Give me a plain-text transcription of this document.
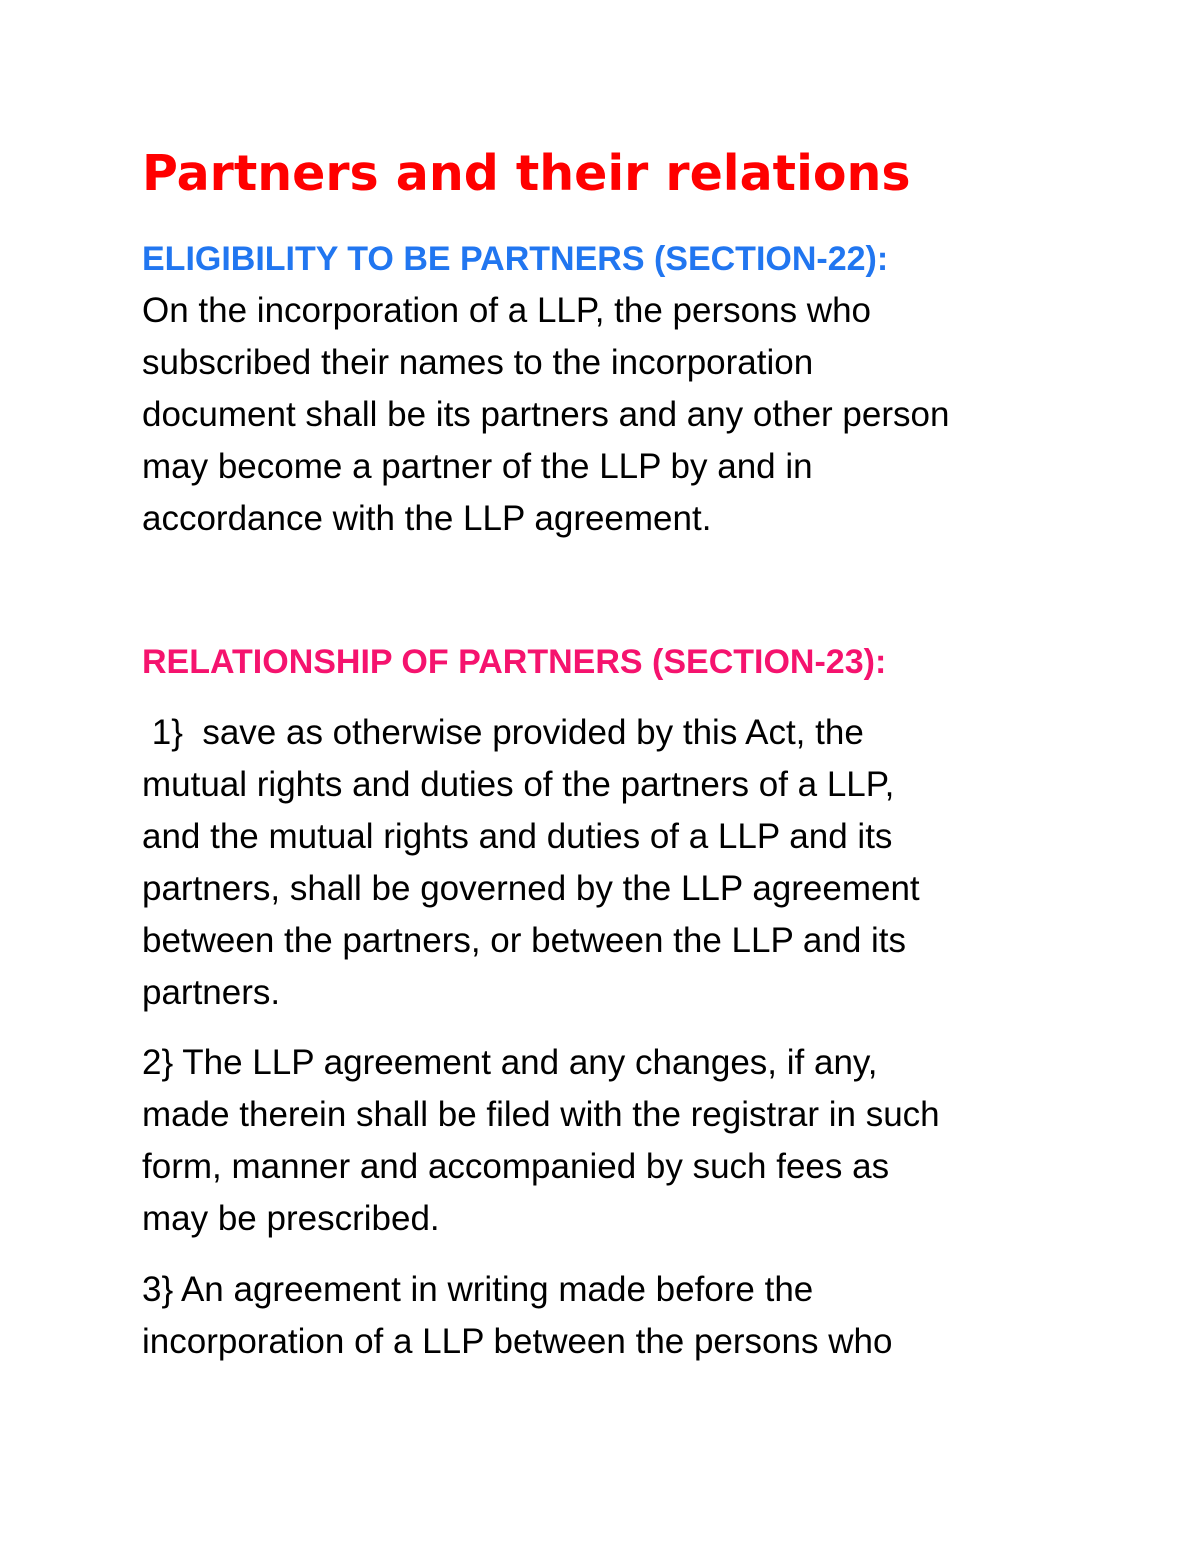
Partners and their relations
ELIGIBILITY TO BE PARTNERS (SECTION-22):

On the incorporation of a LLP, the persons who
subscribed their names to the incorporation
document shall be its partners and any other person
may become a partner of the LLP by and in
accordance with the LLP agreement.

RELATIONSHIP OF PARTNERS (SECTION-23):

1}  save as otherwise provided by this Act, the
mutual rights and duties of the partners of a LLP,
and the mutual rights and duties of a LLP and its
partners, shall be governed by the LLP agreement
between the partners, or between the LLP and its
partners.

2} The LLP agreement and any changes, if any,
made therein shall be filed with the registrar in such
form, manner and accompanied by such fees as
may be prescribed.

3} An agreement in writing made before the
incorporation of a LLP between the persons who
